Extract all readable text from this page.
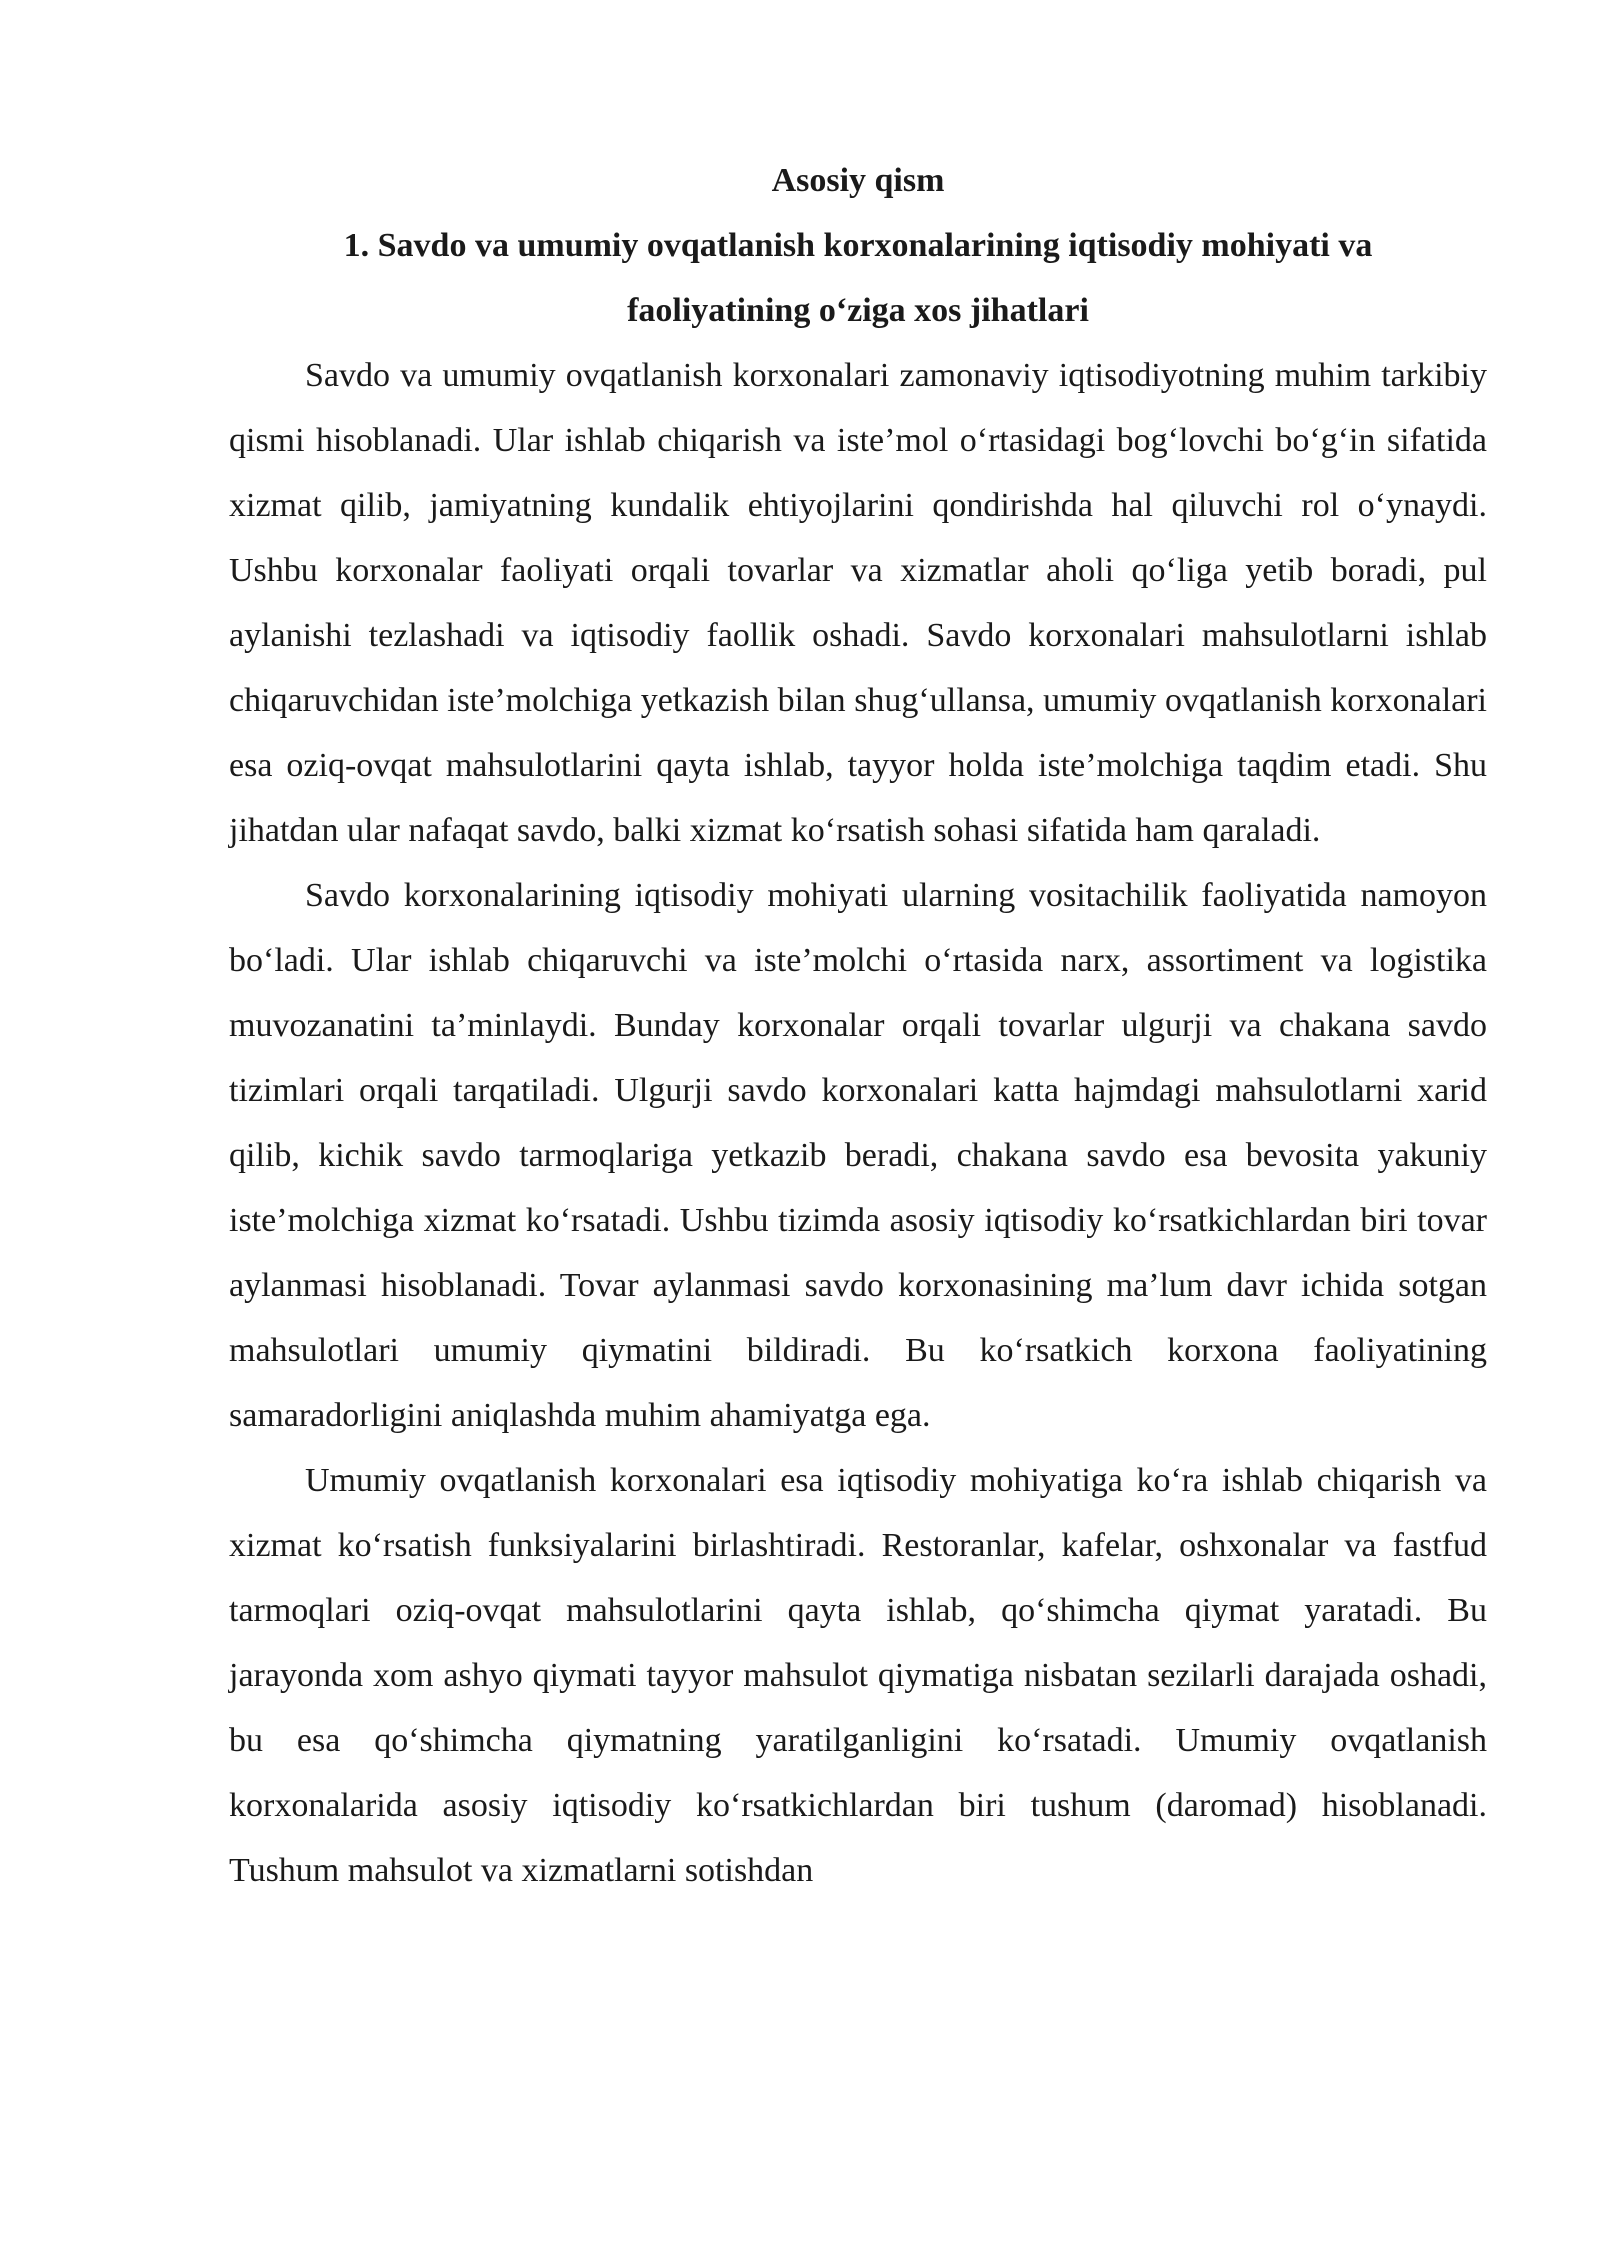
Asosiy qism
1. Savdo va umumiy ovqatlanish korxonalarining iqtisodiy mohiyati va faoliyatining o‘ziga xos jihatlari

Savdo va umumiy ovqatlanish korxonalari zamonaviy iqtisodiyotning muhim tarkibiy qismi hisoblanadi. Ular ishlab chiqarish va iste’mol o‘rtasidagi bog‘lovchi bo‘g‘in sifatida xizmat qilib, jamiyatning kundalik ehtiyojlarini qondirishda hal qiluvchi rol o‘ynaydi. Ushbu korxonalar faoliyati orqali tovarlar va xizmatlar aholi qo‘liga yetib boradi, pul aylanishi tezlashadi va iqtisodiy faollik oshadi. Savdo korxonalari mahsulotlarni ishlab chiqaruvchidan iste’molchiga yetkazish bilan shug‘ullansa, umumiy ovqatlanish korxonalari esa oziq-ovqat mahsulotlarini qayta ishlab, tayyor holda iste’molchiga taqdim etadi. Shu jihatdan ular nafaqat savdo, balki xizmat ko‘rsatish sohasi sifatida ham qaraladi.

Savdo korxonalarining iqtisodiy mohiyati ularning vositachilik faoliyatida namoyon bo‘ladi. Ular ishlab chiqaruvchi va iste’molchi o‘rtasida narx, assortiment va logistika muvozanatini ta’minlaydi. Bunday korxonalar orqali tovarlar ulgurji va chakana savdo tizimlari orqali tarqatiladi. Ulgurji savdo korxonalari katta hajmdagi mahsulotlarni xarid qilib, kichik savdo tarmoqlariga yetkazib beradi, chakana savdo esa bevosita yakuniy iste’molchiga xizmat ko‘rsatadi. Ushbu tizimda asosiy iqtisodiy ko‘rsatkichlardan biri tovar aylanmasi hisoblanadi. Tovar aylanmasi savdo korxonasining ma’lum davr ichida sotgan mahsulotlari umumiy qiymatini bildiradi. Bu ko‘rsatkich korxona faoliyatining samaradorligini aniqlashda muhim ahamiyatga ega.

Umumiy ovqatlanish korxonalari esa iqtisodiy mohiyatiga ko‘ra ishlab chiqarish va xizmat ko‘rsatish funksiyalarini birlashtiradi. Restoranlar, kafelar, oshxonalar va fastfud tarmoqlari oziq-ovqat mahsulotlarini qayta ishlab, qo‘shimcha qiymat yaratadi. Bu jarayonda xom ashyo qiymati tayyor mahsulot qiymatiga nisbatan sezilarli darajada oshadi, bu esa qo‘shimcha qiymatning yaratilganligini ko‘rsatadi. Umumiy ovqatlanish korxonalarida asosiy iqtisodiy ko‘rsatkichlardan biri tushum (daromad) hisoblanadi. Tushum mahsulot va xizmatlarni sotishdan
